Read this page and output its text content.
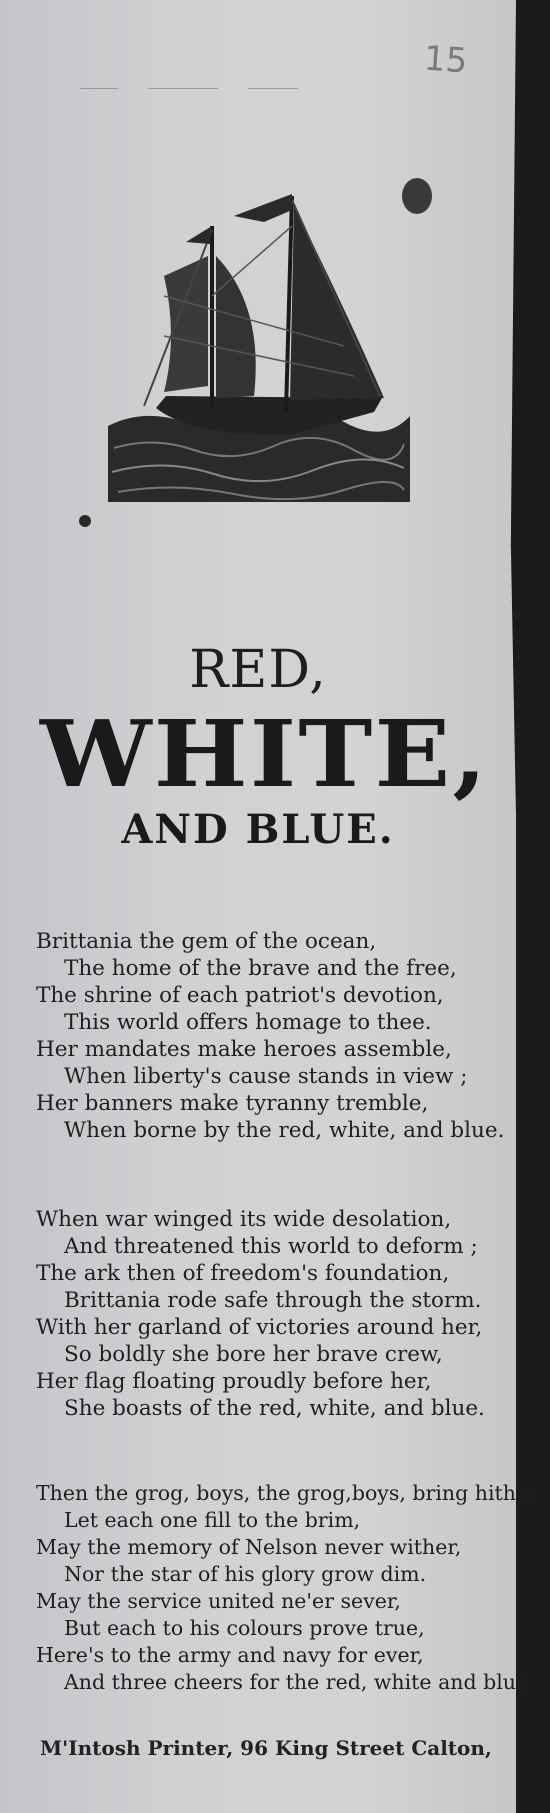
15
RED,
WHITE,
AND BLUE.
Brittania the gem of the ocean,
The home of the brave and the free,
The shrine of each patriot's devotion,
This world offers homage to thee.
Her mandates make heroes assemble,
When liberty's cause stands in view ;
Her banners make tyranny tremble,
When borne by the red, white, and blue.
When war winged its wide desolation,
And threatened this world to deform ;
The ark then of freedom's foundation,
Brittania rode safe through the storm.
With her garland of victories around her,
So boldly she bore her brave crew,
Her flag floating proudly before her,
She boasts of the red, white, and blue.
Then the grog, boys, the grog,boys, bring hither
Let each one fill to the brim,
May the memory of Nelson never wither,
Nor the star of his glory grow dim.
May the service united ne'er sever,
But each to his colours prove true,
Here's to the army and navy for ever,
And three cheers for the red, white and blue.
M'Intosh Printer, 96 King Street Calton,
